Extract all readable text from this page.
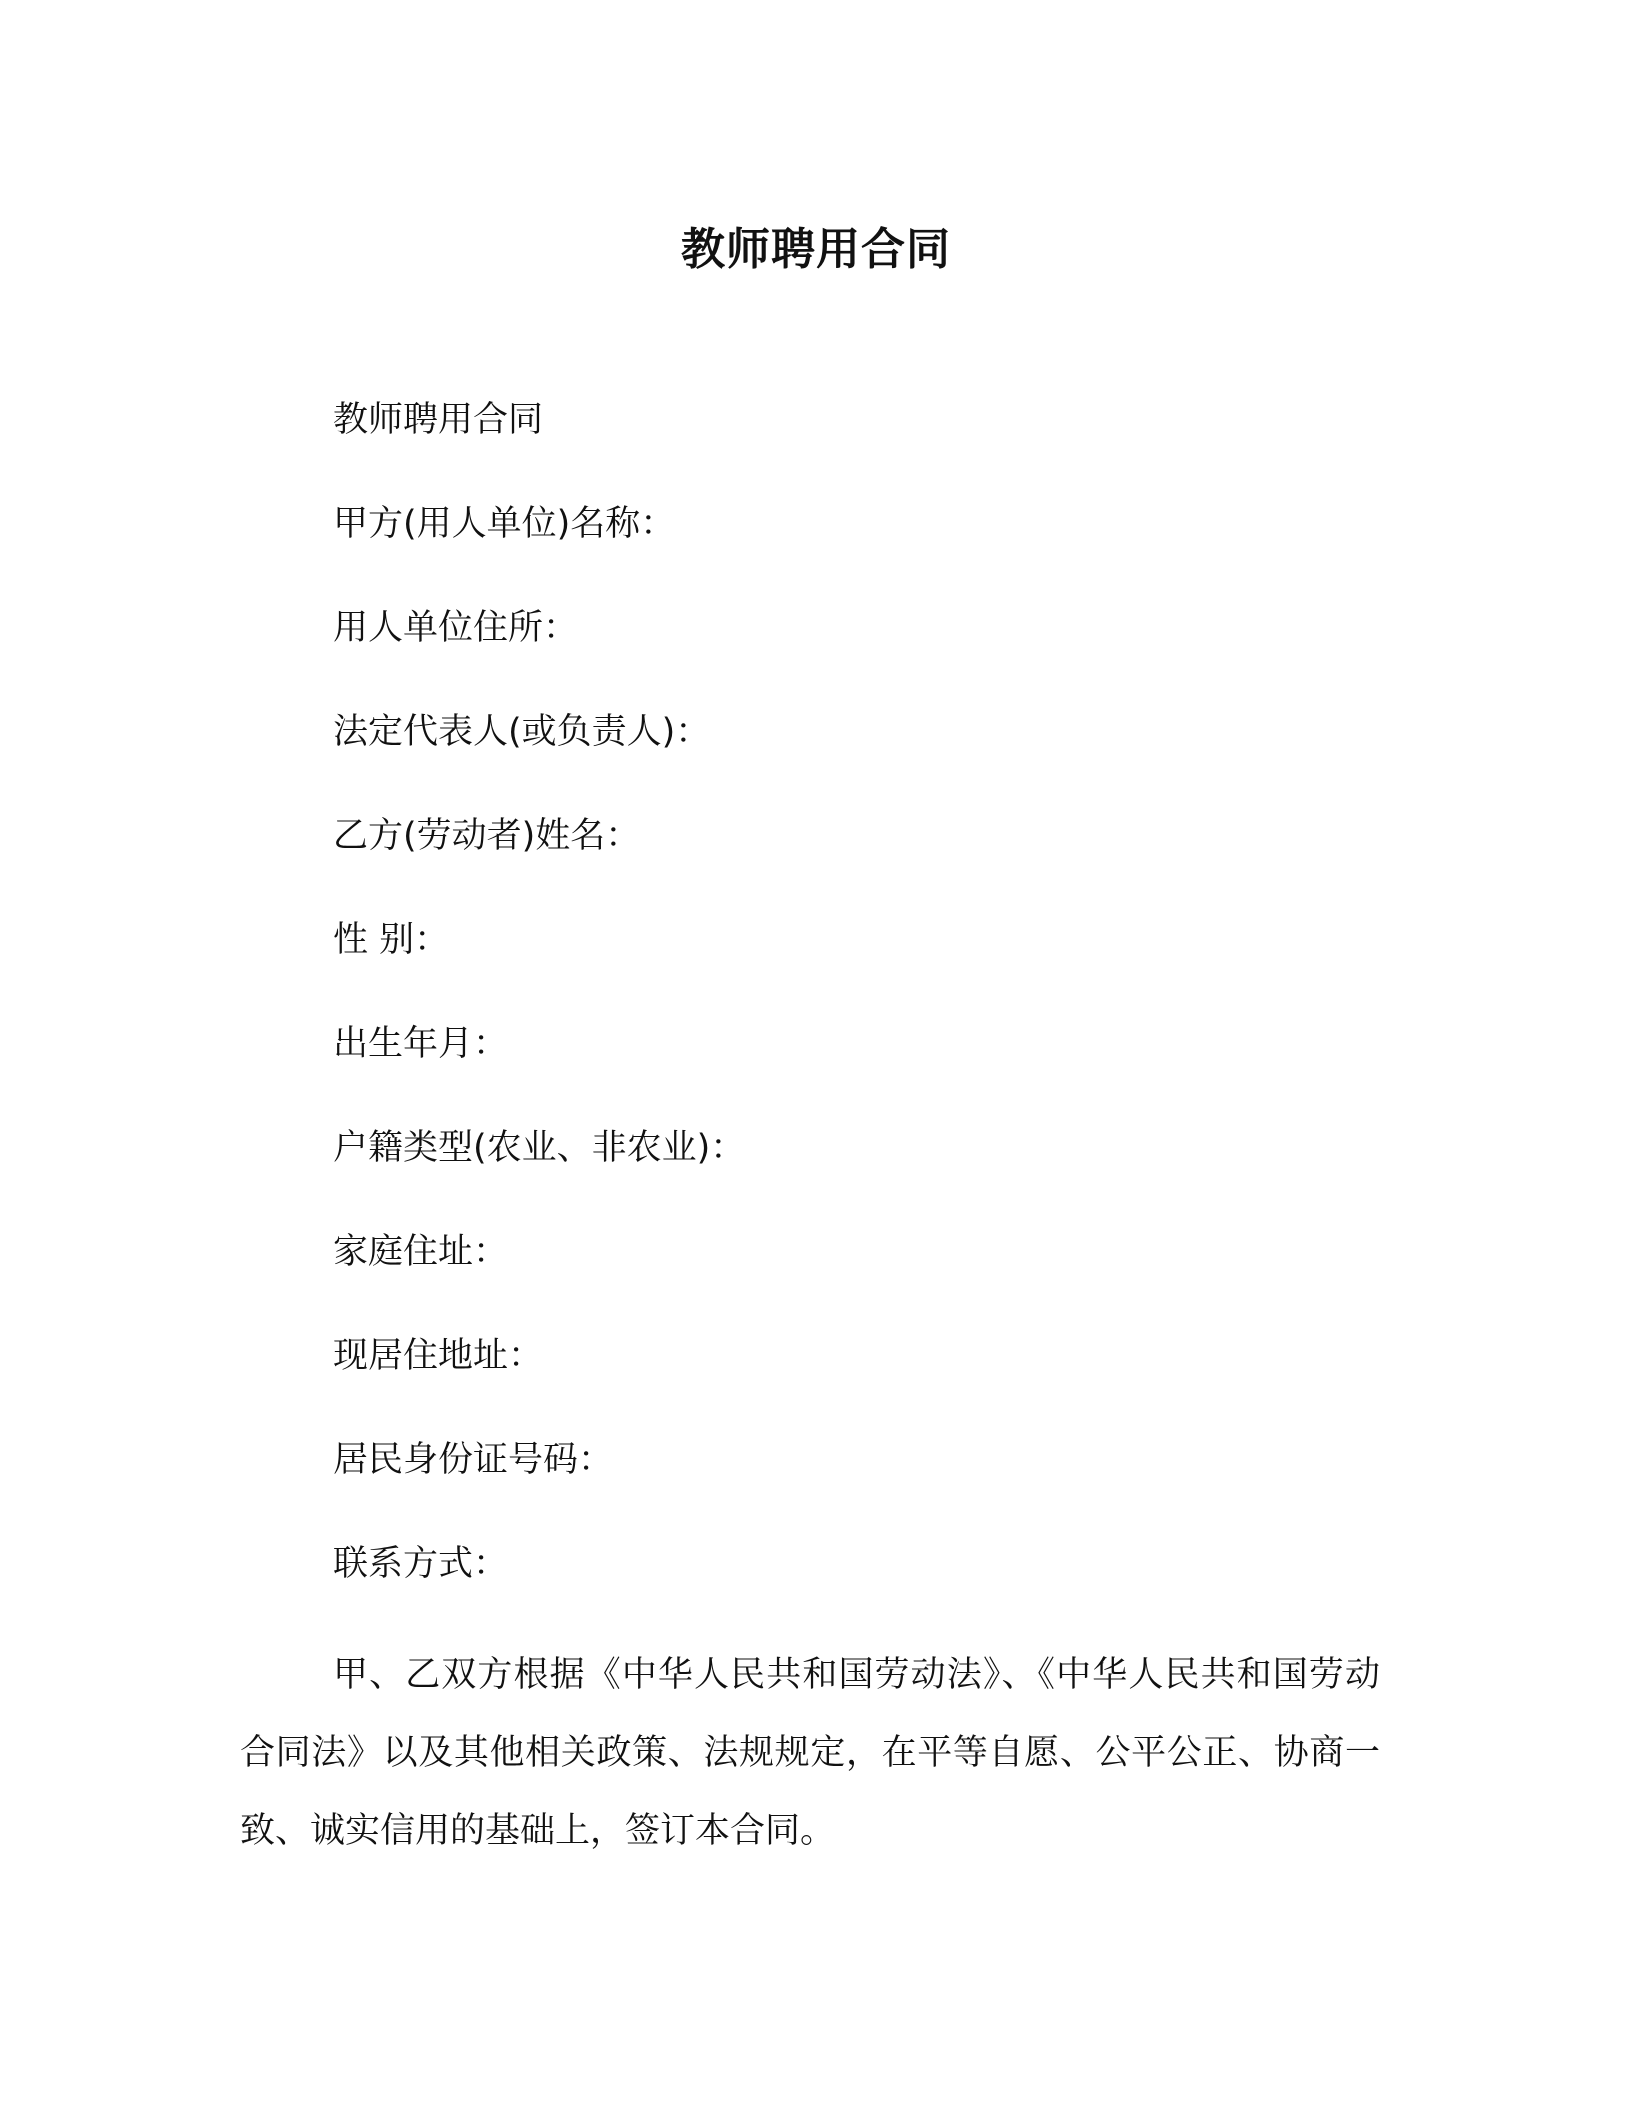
教师聘用合同
教师聘用合同
甲方(用人单位)名称：
用人单位住所：
法定代表人(或负责人)：
乙方(劳动者)姓名：
性 别：
出生年月：
户籍类型(农业、非农业)：
家庭住址：
现居住地址：
居民身份证号码：
联系方式：

甲、乙双方根据《中华人民共和国劳动法》、《中华人民共和国劳动合同法》以及其他相关政策、法规规定，在平等自愿、公平公正、协商一致、诚实信用的基础上，签订本合同。
